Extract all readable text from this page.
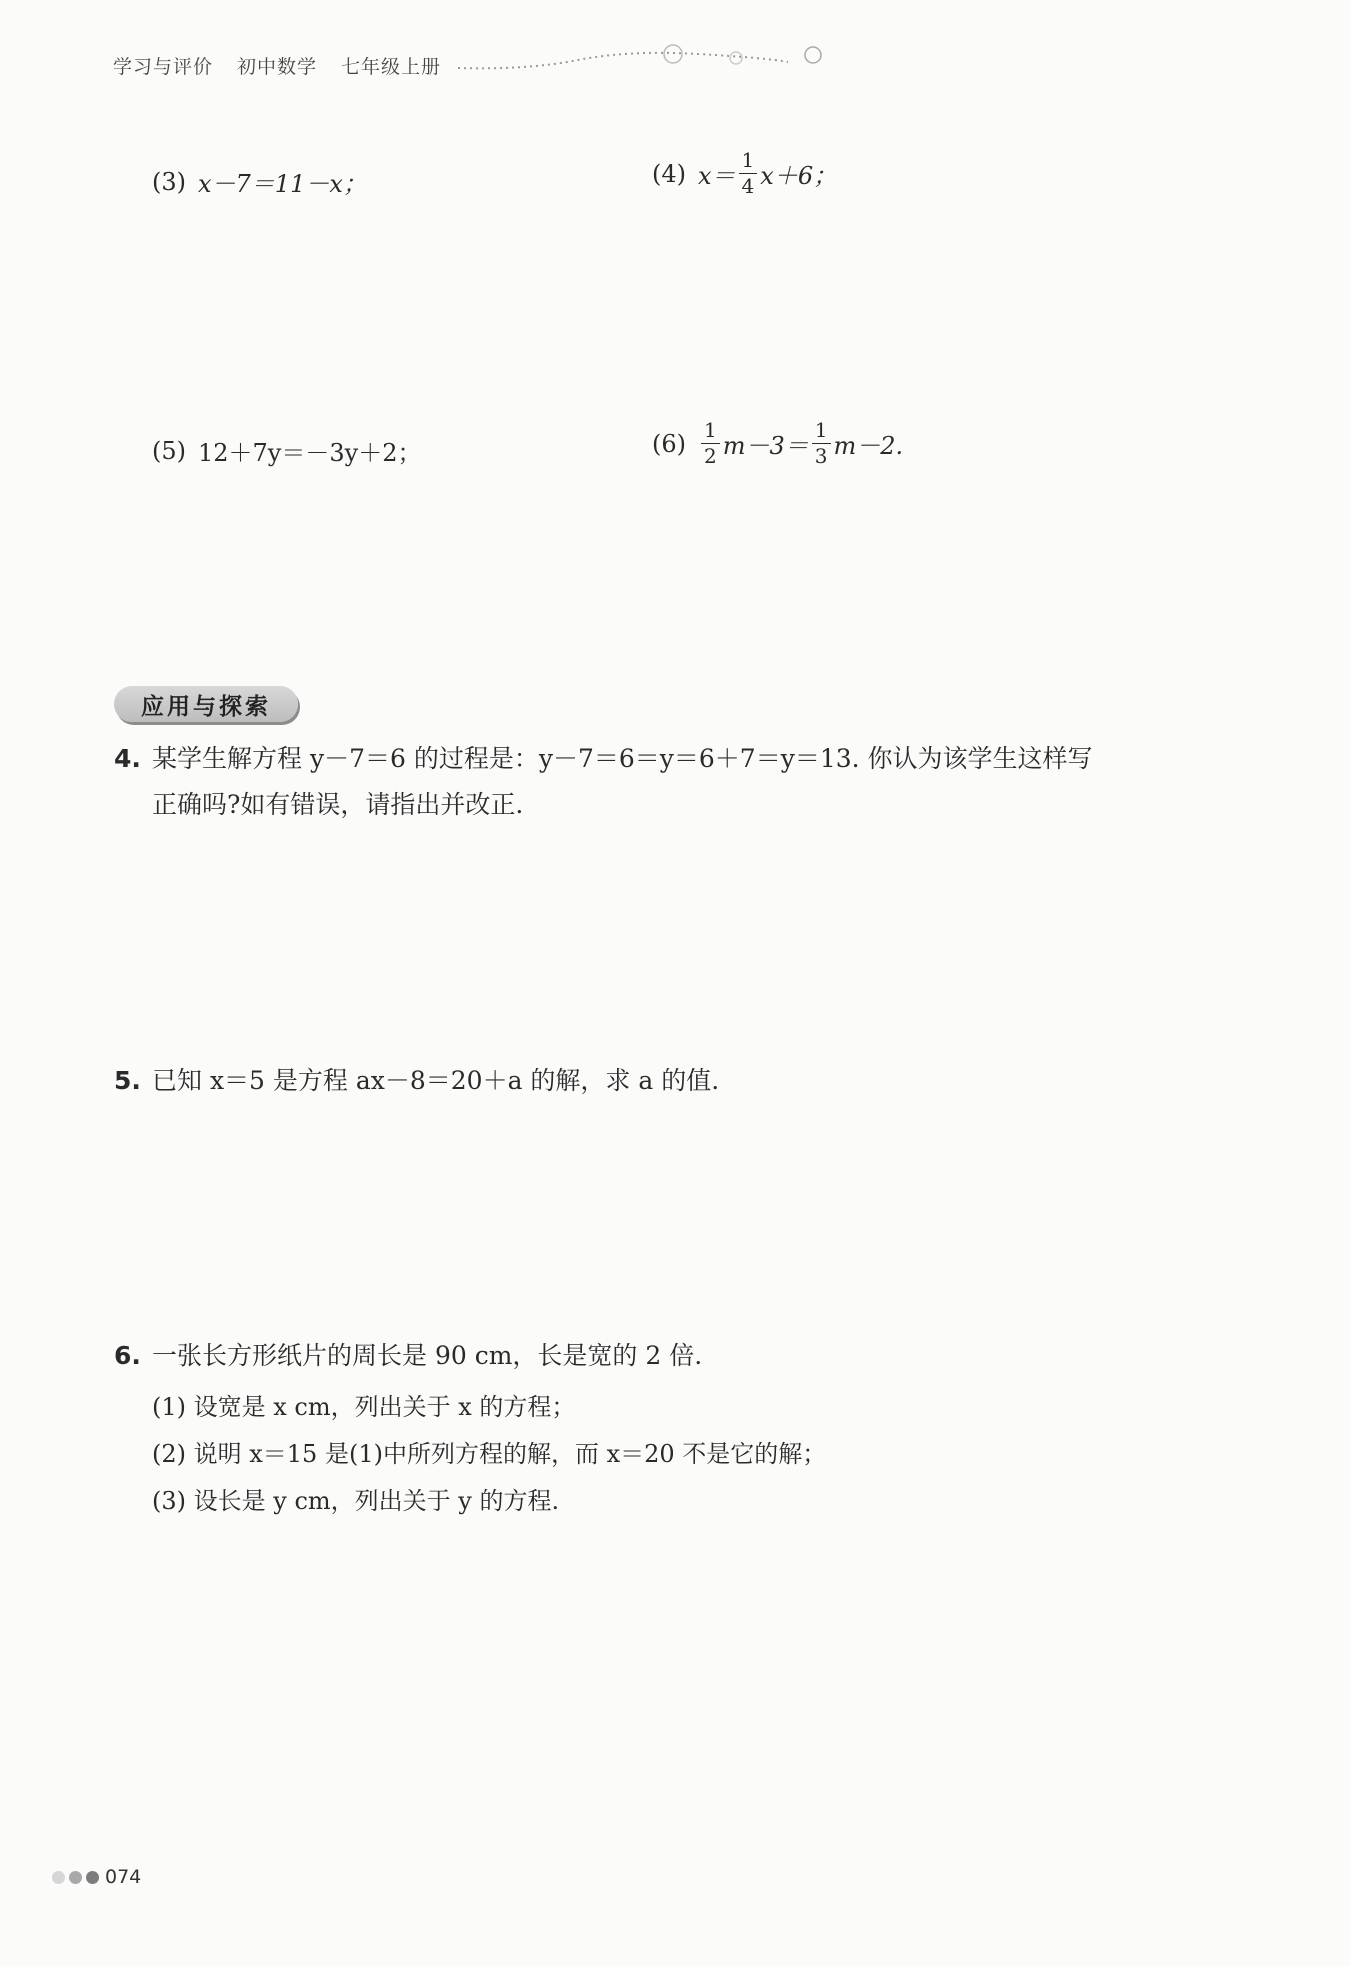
学习与评价 初中数学 七年级上册
(3) x－7＝11－x；	(4) $x= \frac{1}{4} x+6$；
(5) 12＋7y＝－3y＋2；	$(6) \frac{1}{2} m-3= \frac{1}{3} m-2$.
应用与探索
4. 某学生解方程 y－7＝6 的过程是：y－7＝6＝y＝6＋7＝y＝13. 你认为该学生这样写
正确吗?如有错误，请指出并改正.
5. 已知 x＝5 是方程 ax－8＝20＋a 的解，求 a 的值.
6. 一张长方形纸片的周长是 90 cm，长是宽的 2 倍.
(1) 设宽是 x cm，列出关于 x 的方程；
(2) 说明 x＝15 是(1)中所列方程的解，而 x＝20 不是它的解；
(3) 设长是 y cm，列出关于 y 的方程.
074
